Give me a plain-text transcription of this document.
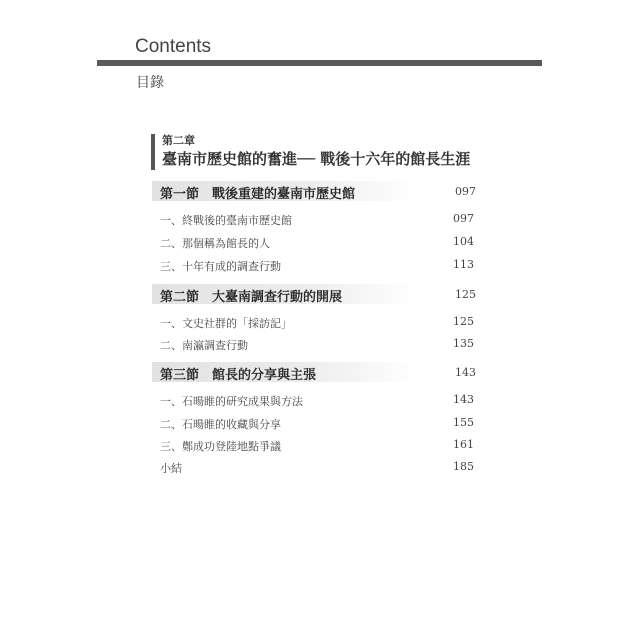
Contents
目錄
第二章
臺南市歷史館的奮進── 戰後十六年的館長生涯
第一節　戰後重建的臺南市歷史館	097
一、終戰後的臺南市歷史館	097
二、那個稱為館長的人	104
三、十年有成的調查行動	113
第二節　大臺南調查行動的開展	125
一、文史社群的「採訪記」	125
二、南瀛調查行動	135
第三節　館長的分享與主張	143
一、石暘睢的研究成果與方法	143
二、石暘睢的收藏與分享	155
三、鄭成功登陸地點爭議	161
小結	185
